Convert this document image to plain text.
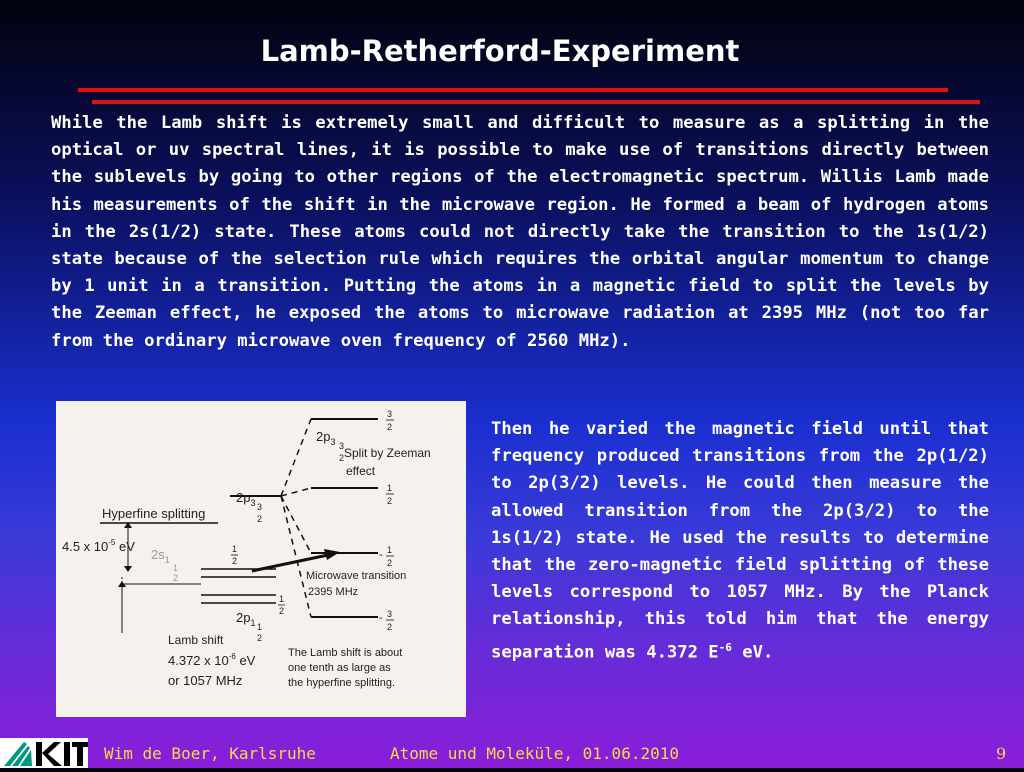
Lamb-Retherford-Experiment
While the Lamb shift is extremely small and difficult to measure as a splitting in the optical or uv spectral lines, it is possible to make use of transitions directly between the sublevels by going to other regions of the electromagnetic spectrum. Willis Lamb made his measurements of the shift in the microwave region. He formed a beam of hydrogen atoms in the 2s(1/2) state. These atoms could not directly take the transition to the 1s(1/2) state because of the selection rule which requires the orbital angular momentum to change by 1 unit in a transition. Putting the atoms in a magnetic field to split the levels by the Zeeman effect, he exposed the atoms to microwave radiation at 2395 MHz (not too far from the ordinary microwave oven frequency of 2560 MHz).
$2p_3$ 3
2 Split by Zeeman
effect
$2p_3$ 3
2
Hyperfine splitting
4.5 x $10^{-5}$ eV
$2s_1$
1
2
1
2
$2p_1$ 1
2
1
2
3
2
1
2
- 1
2
- 3
2
Microwave transition
2395 MHz
Lamb shift
4.372 x $10^{-6}$ eV
or 1057 MHz
The Lamb shift is about
one tenth as large as
the hyperfine splitting.
Then he varied the magnetic field until that frequency produced transitions from the 2p(1/2) to 2p(3/2) levels. He could then measure the allowed transition from the 2p(3/2) to the 1s(1/2) state. He used the results to determine that the zero-magnetic field splitting of these levels correspond to 1057 MHz. By the Planck relationship, this told him that the energy separation was 4.372 $E^{-6}$ eV.
Wim de Boer, Karlsruhe	Atome und Moleküle, 01.06.2010	9
